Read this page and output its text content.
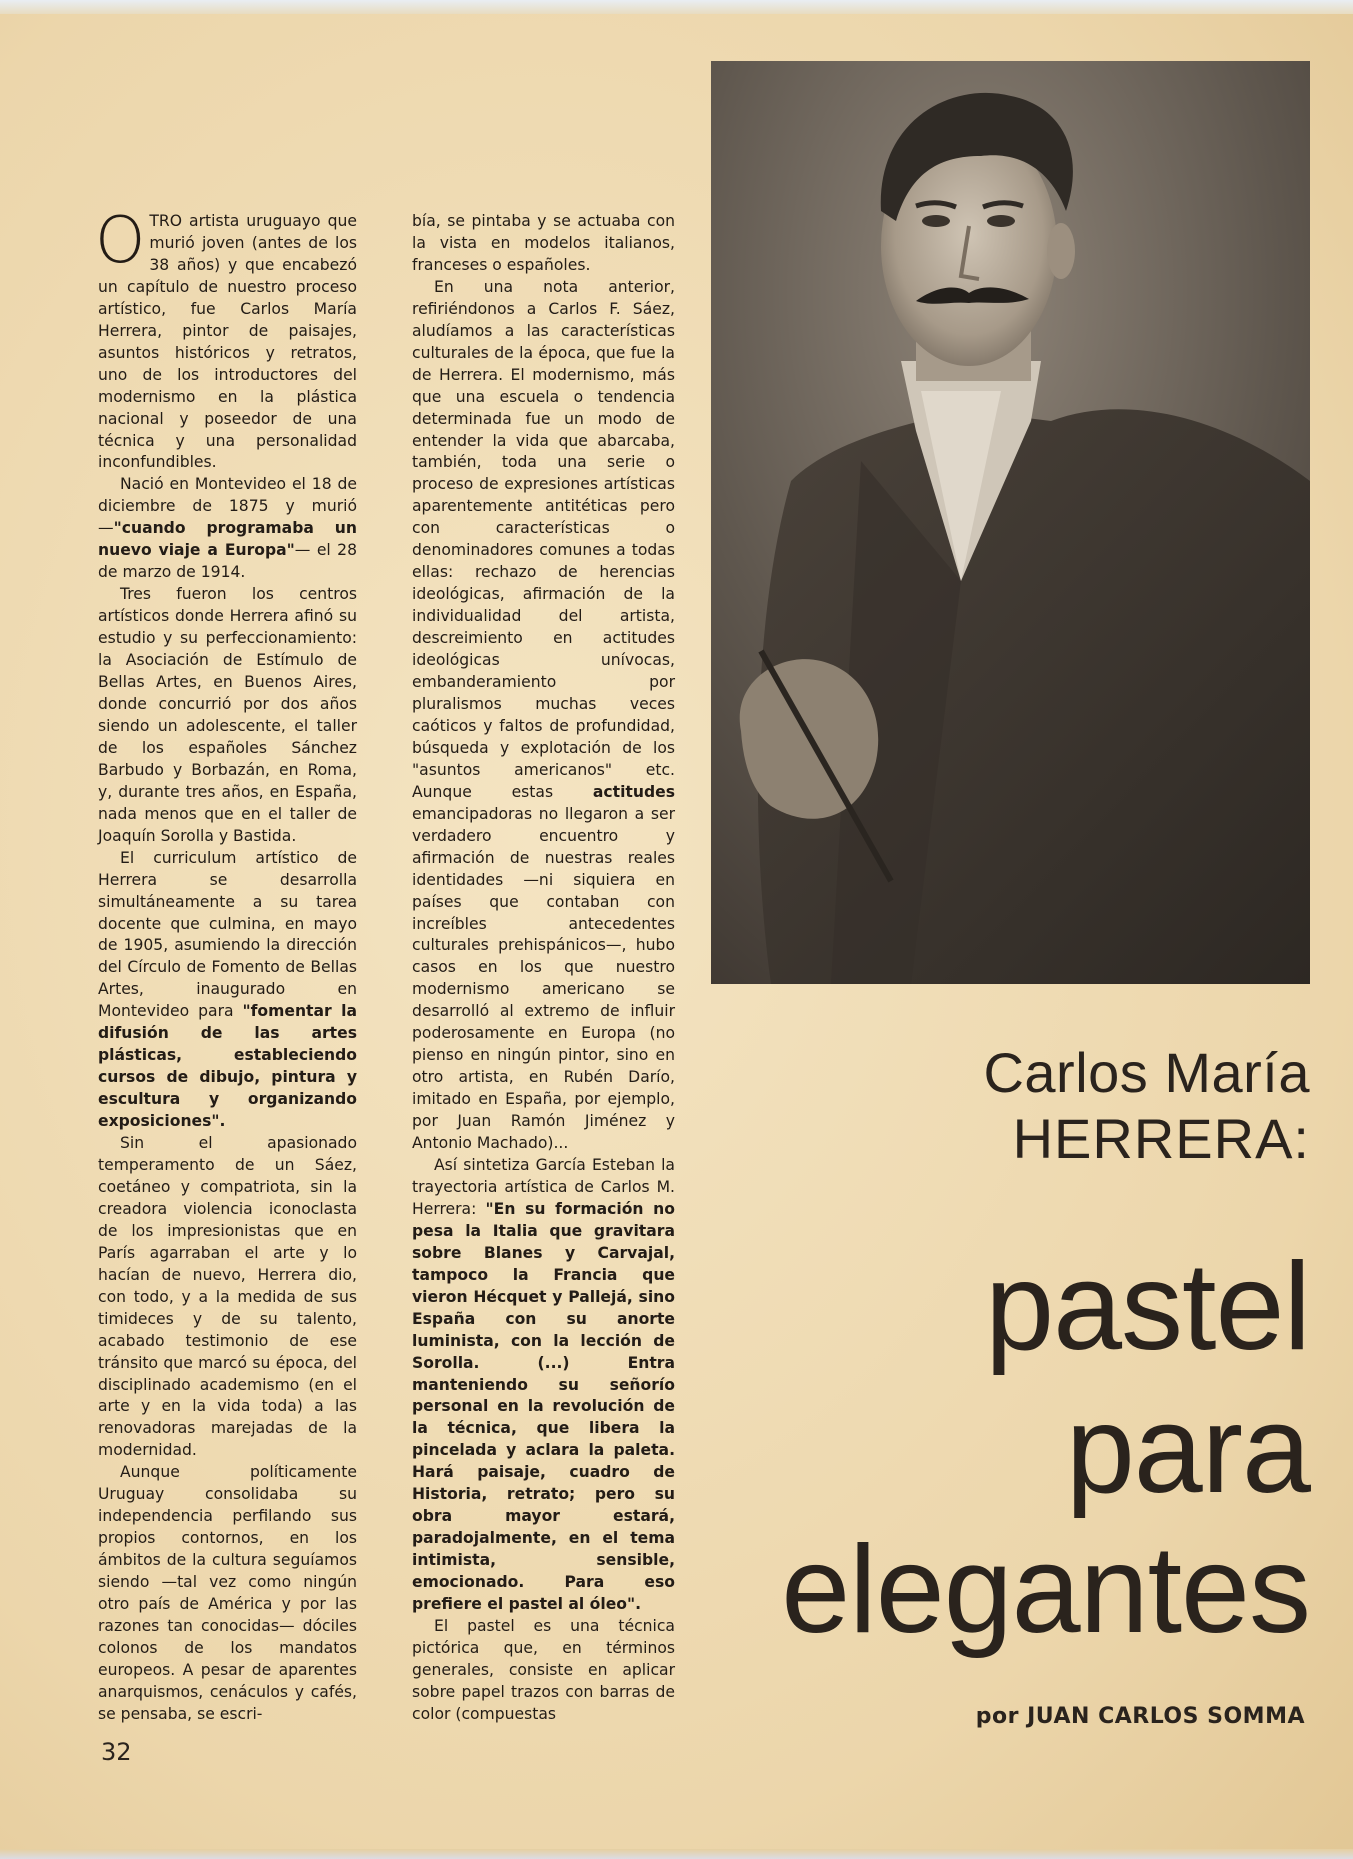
OTRO artista uruguayo que murió joven (antes de los 38 años) y que encabezó un capítulo de nuestro proceso artístico, fue Carlos María Herrera, pintor de paisajes, asuntos históricos y retratos, uno de los introductores del modernismo en la plástica nacional y poseedor de una técnica y una personalidad inconfundibles.

Nació en Montevideo el 18 de diciembre de 1875 y murió —"cuando programaba un nuevo viaje a Europa"— el 28 de marzo de 1914.

Tres fueron los centros artísticos donde Herrera afinó su estudio y su perfeccionamiento: la Asociación de Estímulo de Bellas Artes, en Buenos Aires, donde concurrió por dos años siendo un adolescente, el taller de los españoles Sánchez Barbudo y Borbazán, en Roma, y, durante tres años, en España, nada menos que en el taller de Joaquín Sorolla y Bastida.

El curriculum artístico de Herrera se desarrolla simultáneamente a su tarea docente que culmina, en mayo de 1905, asumiendo la dirección del Círculo de Fomento de Bellas Artes, inaugurado en Montevideo para "fomentar la difusión de las artes plásticas, estableciendo cursos de dibujo, pintura y escultura y organizando exposiciones".

Sin el apasionado temperamento de un Sáez, coetáneo y compatriota, sin la creadora violencia iconoclasta de los impresionistas que en París agarraban el arte y lo hacían de nuevo, Herrera dio, con todo, y a la medida de sus timideces y de su talento, acabado testimonio de ese tránsito que marcó su época, del disciplinado academismo (en el arte y en la vida toda) a las renovadoras marejadas de la modernidad.

Aunque políticamente Uruguay consolidaba su independencia perfilando sus propios contornos, en los ámbitos de la cultura seguíamos siendo —tal vez como ningún otro país de América y por las razones tan conocidas— dóciles colonos de los mandatos europeos. A pesar de aparentes anarquismos, cenáculos y cafés, se pensaba, se escri-

bía, se pintaba y se actuaba con la vista en modelos italianos, franceses o españoles.

En una nota anterior, refiriéndonos a Carlos F. Sáez, aludíamos a las características culturales de la época, que fue la de Herrera. El modernismo, más que una escuela o tendencia determinada fue un modo de entender la vida que abarcaba, también, toda una serie o proceso de expresiones artísticas aparentemente antitéticas pero con características o denominadores comunes a todas ellas: rechazo de herencias ideológicas, afirmación de la individualidad del artista, descreimiento en actitudes ideológicas unívocas, embanderamiento por pluralismos muchas veces caóticos y faltos de profundidad, búsqueda y explotación de los "asuntos americanos" etc. Aunque estas actitudes emancipadoras no llegaron a ser verdadero encuentro y afirmación de nuestras reales identidades —ni siquiera en países que contaban con increíbles antecedentes culturales prehispánicos—, hubo casos en los que nuestro modernismo americano se desarrolló al extremo de influir poderosamente en Europa (no pienso en ningún pintor, sino en otro artista, en Rubén Darío, imitado en España, por ejemplo, por Juan Ramón Jiménez y Antonio Machado)...

Así sintetiza García Esteban la trayectoria artística de Carlos M. Herrera: "En su formación no pesa la Italia que gravitara sobre Blanes y Carvajal, tampoco la Francia que vieron Hécquet y Pallejá, sino España con su anorte luminista, con la lección de Sorolla. (...) Entra manteniendo su señorío personal en la revolución de la técnica, que libera la pincelada y aclara la paleta. Hará paisaje, cuadro de Historia, retrato; pero su obra mayor estará, paradojalmente, en el tema intimista, sensible, emocionado. Para eso prefiere el pastel al óleo".

El pastel es una técnica pictórica que, en términos generales, consiste en aplicar sobre papel trazos con barras de color (compuestas

Carlos María
HERRERA:
pastel
para
elegantes
por JUAN CARLOS SOMMA
32
